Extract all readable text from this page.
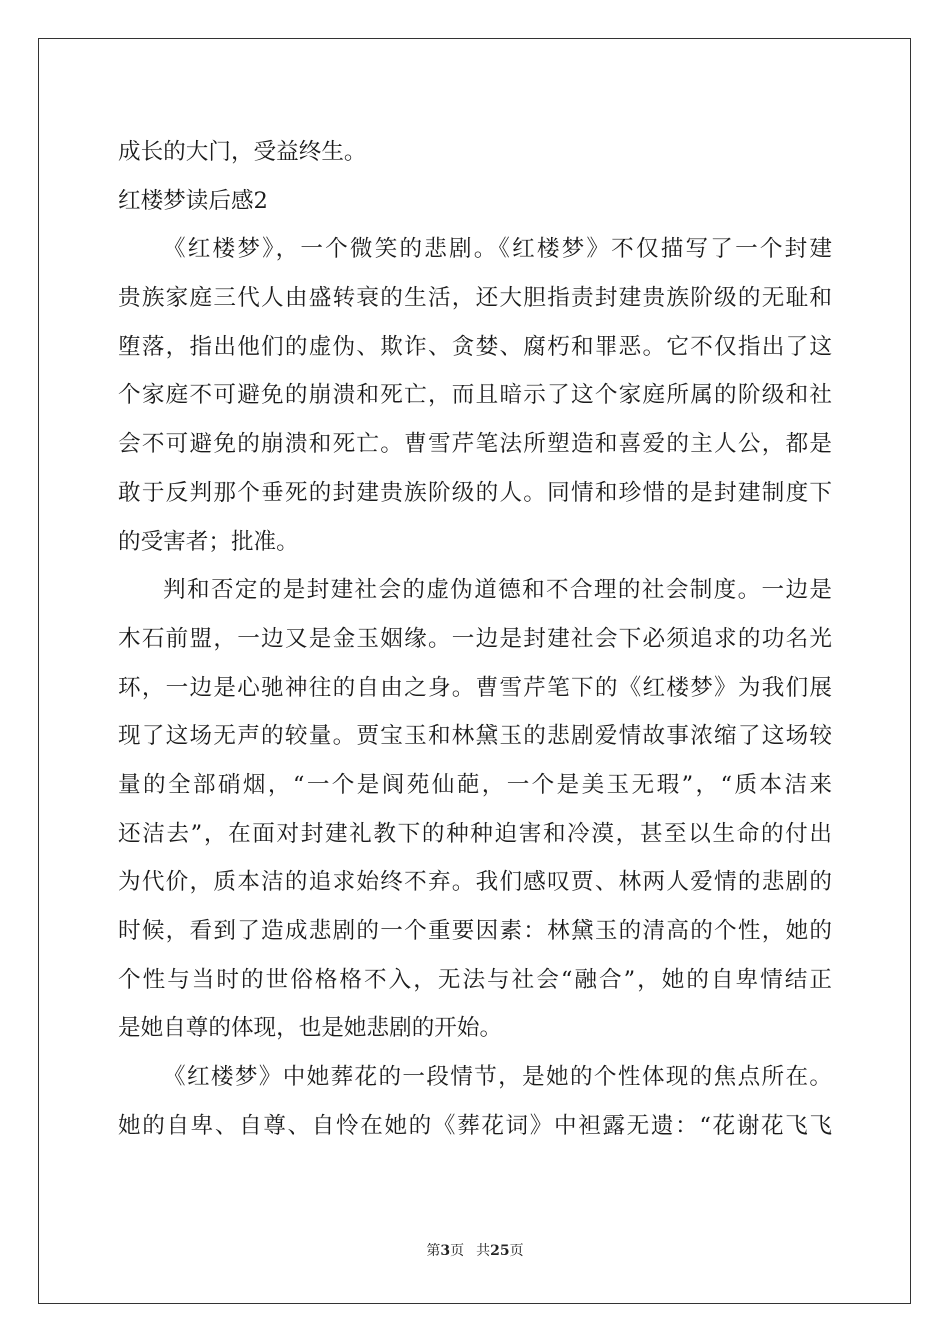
成长的大门，受益终生。
红楼梦读后感2
《红楼梦》，一个微笑的悲剧。《红楼梦》不仅描写了一个封建
贵族家庭三代人由盛转衰的生活，还大胆指责封建贵族阶级的无耻和
堕落，指出他们的虚伪、欺诈、贪婪、腐朽和罪恶。它不仅指出了这
个家庭不可避免的崩溃和死亡，而且暗示了这个家庭所属的阶级和社
会不可避免的崩溃和死亡。曹雪芹笔法所塑造和喜爱的主人公，都是
敢于反判那个垂死的封建贵族阶级的人。同情和珍惜的是封建制度下
的受害者；批准。
判和否定的是封建社会的虚伪道德和不合理的社会制度。一边是
木石前盟，一边又是金玉姻缘。一边是封建社会下必须追求的功名光
环，一边是心驰神往的自由之身。曹雪芹笔下的《红楼梦》为我们展
现了这场无声的较量。贾宝玉和林黛玉的悲剧爱情故事浓缩了这场较
量的全部硝烟，“一个是阆苑仙葩，一个是美玉无瑕”，“质本洁来
还洁去”，在面对封建礼教下的种种迫害和冷漠，甚至以生命的付出
为代价，质本洁的追求始终不弃。我们感叹贾、林两人爱情的悲剧的
时候，看到了造成悲剧的一个重要因素：林黛玉的清高的个性，她的
个性与当时的世俗格格不入，无法与社会“融合”，她的自卑情结正
是她自尊的体现，也是她悲剧的开始。
《红楼梦》中她葬花的一段情节，是她的个性体现的焦点所在。
她的自卑、自尊、自怜在她的《葬花词》中袒露无遗：“花谢花飞飞
第3页 共25页
